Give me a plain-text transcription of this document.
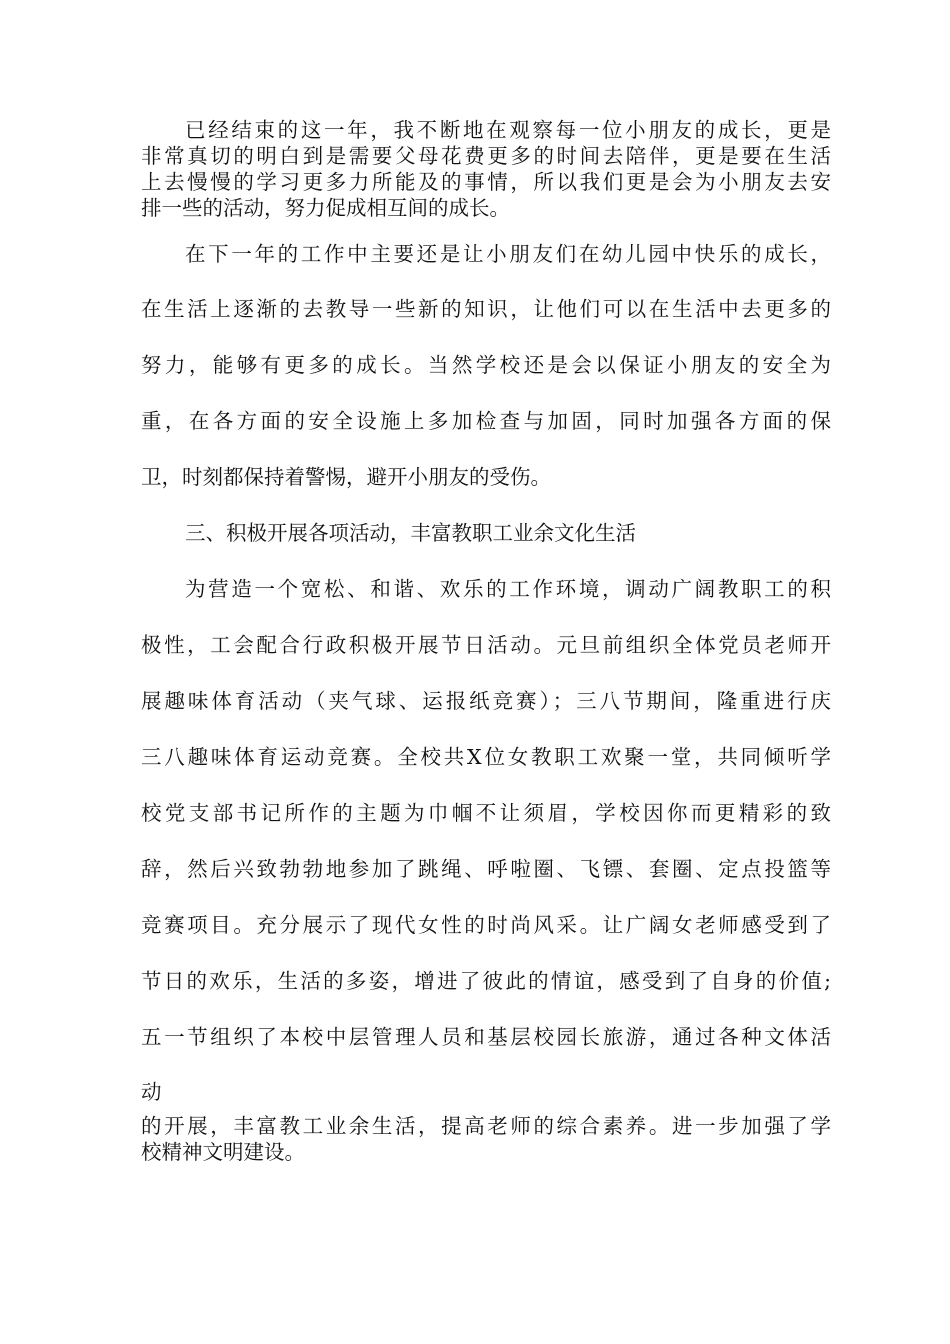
已经结束的这一年，我不断地在观察每一位小朋友的成长，更是
非常真切的明白到是需要父母花费更多的时间去陪伴，更是要在生活
上去慢慢的学习更多力所能及的事情，所以我们更是会为小朋友去安
排一些的活动，努力促成相互间的成长。
在下一年的工作中主要还是让小朋友们在幼儿园中快乐的成长，
在生活上逐渐的去教导一些新的知识，让他们可以在生活中去更多的
努力，能够有更多的成长。当然学校还是会以保证小朋友的安全为
重，在各方面的安全设施上多加检查与加固，同时加强各方面的保
卫，时刻都保持着警惕，避开小朋友的受伤。
三、积极开展各项活动，丰富教职工业余文化生活
为营造一个宽松、和谐、欢乐的工作环境，调动广阔教职工的积
极性，工会配合行政积极开展节日活动。元旦前组织全体党员老师开
展趣味体育活动（夹气球、运报纸竞赛）；三八节期间，隆重进行庆
三八趣味体育运动竞赛。全校共X位女教职工欢聚一堂，共同倾听学
校党支部书记所作的主题为巾帼不让须眉，学校因你而更精彩的致
辞，然后兴致勃勃地参加了跳绳、呼啦圈、飞镖、套圈、定点投篮等
竞赛项目。充分展示了现代女性的时尚风采。让广阔女老师感受到了
节日的欢乐，生活的多姿，增进了彼此的情谊，感受到了自身的价值;
五一节组织了本校中层管理人员和基层校园长旅游，通过各种文体活
动
的开展，丰富教工业余生活，提高老师的综合素养。进一步加强了学
校精神文明建设。
